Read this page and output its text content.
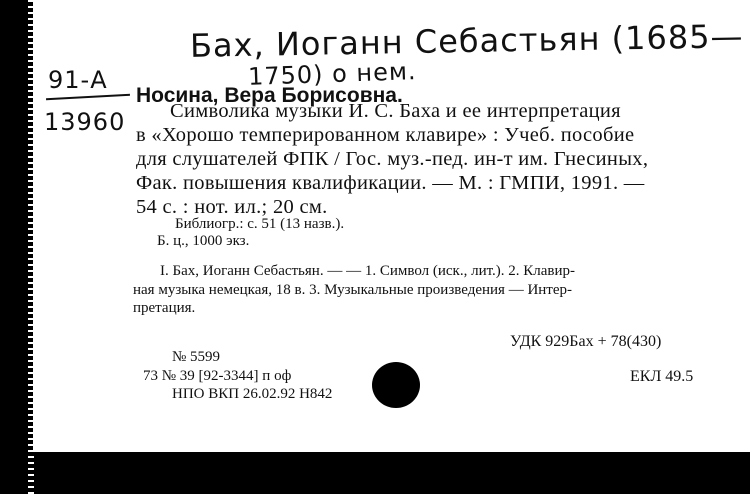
Бах, Иоганн Себастьян (1685—
1750) о нем.
91-А
13960
Носина, Вера Борисовна.
Символика музыки И. С. Баха и ее интерпретация
в «Хорошо темперированном клавире» : Учеб. пособие
для слушателей ФПК / Гос. муз.-пед. ин-т им. Гнесиных,
Фак. повышения квалификации. — М. : ГМПИ, 1991. —
54 с. : нот. ил.; 20 см.
Библиогр.: с. 51 (13 назв.).
Б. ц., 1000 экз.
I. Бах, Иоганн Себастьян. — — 1. Символ (иск., лит.). 2. Клавир-
ная музыка немецкая, 18 в. 3. Музыкальные произведения — Интер-
претация.
УДК 929Бах + 78(430)
№ 5599
73 № 39 [92-3344] п оф	ЕКЛ 49.5
НПО ВКП 26.02.92 Н842
